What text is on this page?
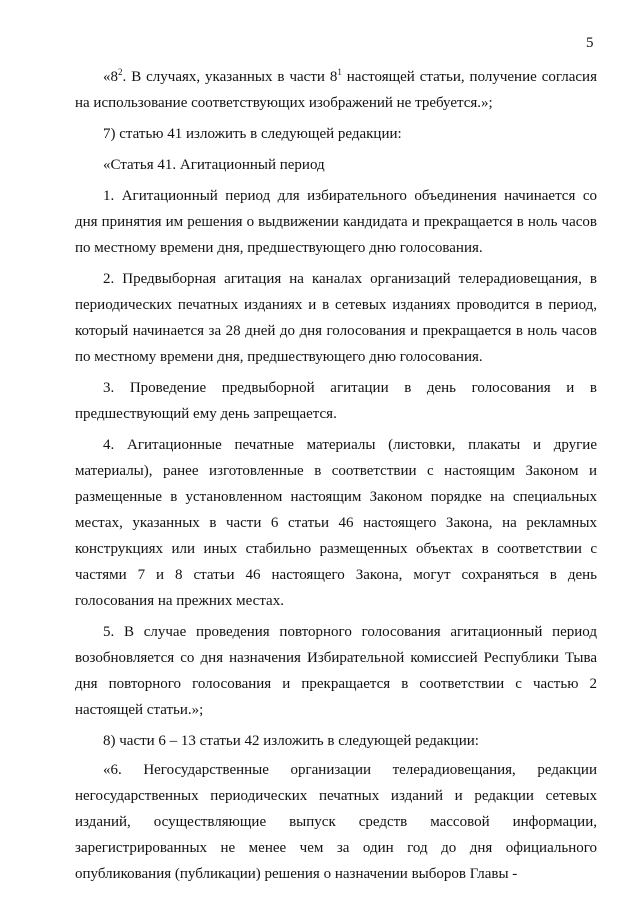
5

«$8^2$. В случаях, указанных в части $8^1$ настоящей статьи, получение согласия на использование соответствующих изображений не требуется.»;

7) статью 41 изложить в следующей редакции:

«Статья 41. Агитационный период

1. Агитационный период для избирательного объединения начинается со дня принятия им решения о выдвижении кандидата и прекращается в ноль часов по местному времени дня, предшествующего дню голосования.

2. Предвыборная агитация на каналах организаций телерадиовещания, в периодических печатных изданиях и в сетевых изданиях проводится в период, который начинается за 28 дней до дня голосования и прекращается в ноль часов по местному времени дня, предшествующего дню голосования.

3. Проведение предвыборной агитации в день голосования и в предшествующий ему день запрещается.

4. Агитационные печатные материалы (листовки, плакаты и другие материалы), ранее изготовленные в соответствии с настоящим Законом и размещенные в установленном настоящим Законом порядке на специальных местах, указанных в части 6 статьи 46 настоящего Закона, на рекламных конструкциях или иных стабильно размещенных объектах в соответствии с частями 7 и 8 статьи 46 настоящего Закона, могут сохраняться в день голосования на прежних местах.

5. В случае проведения повторного голосования агитационный период возобновляется со дня назначения Избирательной комиссией Республики Тыва дня повторного голосования и прекращается в соответствии с частью 2 настоящей статьи.»;

8) части 6 – 13 статьи 42 изложить в следующей редакции:

«6. Негосударственные организации телерадиовещания, редакции негосударственных периодических печатных изданий и редакции сетевых изданий, осуществляющие выпуск средств массовой информации, зарегистрированных не менее чем за один год до дня официального опубликования (публикации) решения о назначении выборов Главы -
